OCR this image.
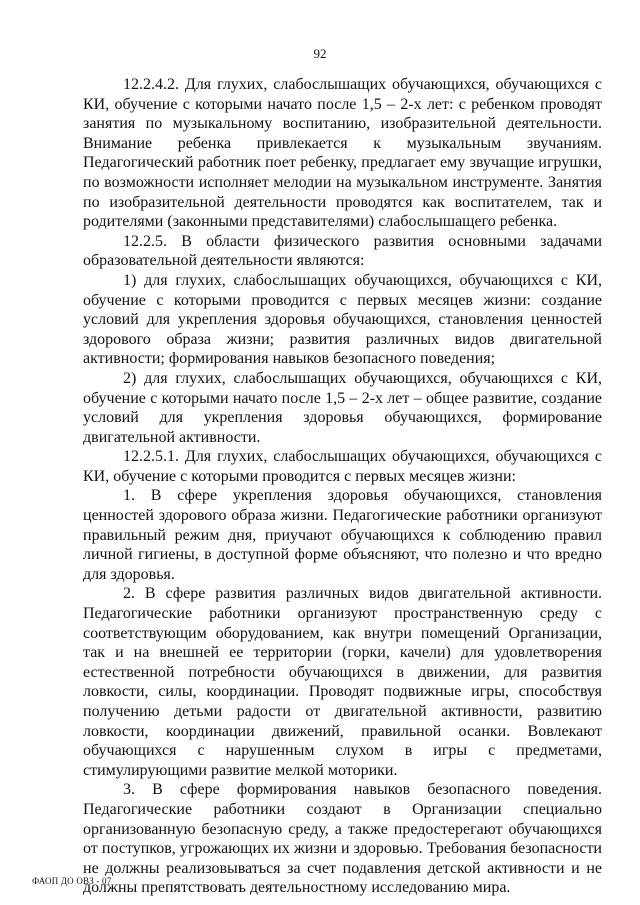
92

12.2.4.2. Для глухих, слабослышащих обучающихся, обучающихся с КИ, обучение с которыми начато после 1,5 – 2-х лет: с ребенком проводят занятия по музыкальному воспитанию, изобразительной деятельности. Внимание ребенка привлекается к музыкальным звучаниям. Педагогический работник поет ребенку, предлагает ему звучащие игрушки, по возможности исполняет мелодии на музыкальном инструменте. Занятия по изобразительной деятельности проводятся как воспитателем, так и родителями (законными представителями) слабослышащего ребенка.

12.2.5. В области физического развития основными задачами образовательной деятельности являются:

1) для глухих, слабослышащих обучающихся, обучающихся с КИ, обучение с которыми проводится с первых месяцев жизни: создание условий для укрепления здоровья обучающихся, становления ценностей здорового образа жизни; развития различных видов двигательной активности; формирования навыков безопасного поведения;

2) для глухих, слабослышащих обучающихся, обучающихся с КИ, обучение с которыми начато после 1,5 – 2-х лет – общее развитие, создание условий для укрепления здоровья обучающихся, формирование двигательной активности.

12.2.5.1. Для глухих, слабослышащих обучающихся, обучающихся с КИ, обучение с которыми проводится с первых месяцев жизни:

1. В сфере укрепления здоровья обучающихся, становления ценностей здорового образа жизни. Педагогические работники организуют правильный режим дня, приучают обучающихся к соблюдению правил личной гигиены, в доступной форме объясняют, что полезно и что вредно для здоровья.

2. В сфере развития различных видов двигательной активности. Педагогические работники организуют пространственную среду с соответствующим оборудованием, как внутри помещений Организации, так и на внешней ее территории (горки, качели) для удовлетворения естественной потребности обучающихся в движении, для развития ловкости, силы, координации. Проводят подвижные игры, способствуя получению детьми радости от двигательной активности, развитию ловкости, координации движений, правильной осанки. Вовлекают обучающихся с нарушенным слухом в игры с предметами, стимулирующими развитие мелкой моторики.

3. В сфере формирования навыков безопасного поведения. Педагогические работники создают в Организации специально организованную безопасную среду, а также предостерегают обучающихся от поступков, угрожающих их жизни и здоровью. Требования безопасности не должны реализовываться за счет подавления детской активности и не должны препятствовать деятельностному исследованию мира.

ФАОП ДО ОВЗ - 07
